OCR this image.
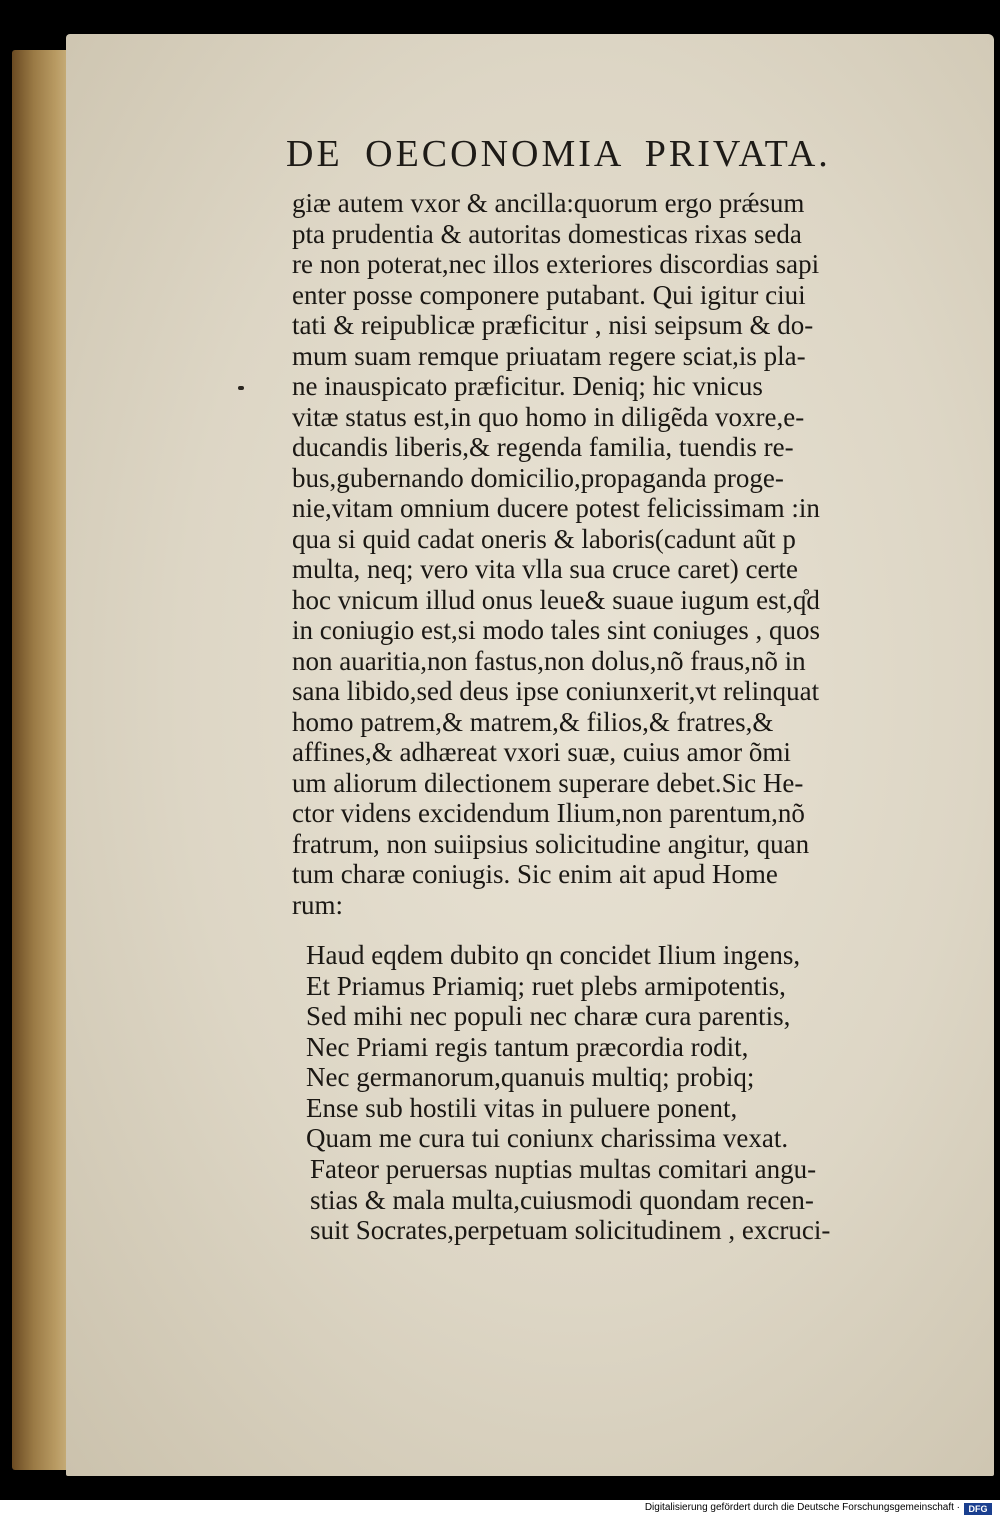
DE OECONOMIA PRIVATA.
giæ autem vxor & ancilla:quorum ergo prǽsum
pta prudentia & autoritas domesticas rixas seda
re non poterat,nec illos exteriores discordias sapi
enter posse componere putabant. Qui igitur ciui
tati & reipublicæ præficitur , nisi seipsum & do-
mum suam remque priuatam regere sciat,is pla-
ne inauspicato præficitur. Deniq; hic vnicus
vitæ status est,in quo homo in diligẽda voxre,e-
ducandis liberis,& regenda familia, tuendis re-
bus,gubernando domicilio,propaganda proge-
nie,vitam omnium ducere potest felicissimam :in
qua si quid cadat oneris & laboris(cadunt aũt p
multa, neq; vero vita vlla sua cruce caret) certe
hoc vnicum illud onus leue& suaue iugum est,q̊d
in coniugio est,si modo tales sint coniuges , quos
non auaritia,non fastus,non dolus,nõ fraus,nõ in
sana libido,sed deus ipse coniunxerit,vt relinquat
homo patrem,& matrem,& filios,& fratres,&
affines,& adhæreat vxori suæ, cuius amor õmi
um aliorum dilectionem superare debet.Sic He-
ctor videns excidendum Ilium,non parentum,nõ
fratrum, non suiipsius solicitudine angitur, quan
tum charæ coniugis. Sic enim ait apud Home
rum:
Haud eqdem dubito qn concidet Ilium ingens,
Et Priamus Priamiq; ruet plebs armipotentis,
Sed mihi nec populi nec charæ cura parentis,
Nec Priami regis tantum præcordia rodit,
Nec germanorum,quanuis multiq; probiq;
Ense sub hostili vitas in puluere ponent,
Quam me cura tui coniunx charissima vexat.
Fateor peruersas nuptias multas comitari angu-
stias & mala multa,cuiusmodi quondam recen-
suit Socrates,perpetuam solicitudinem , excruci-
Digitalisierung gefördert durch die Deutsche Forschungsgemeinschaft · DFG
